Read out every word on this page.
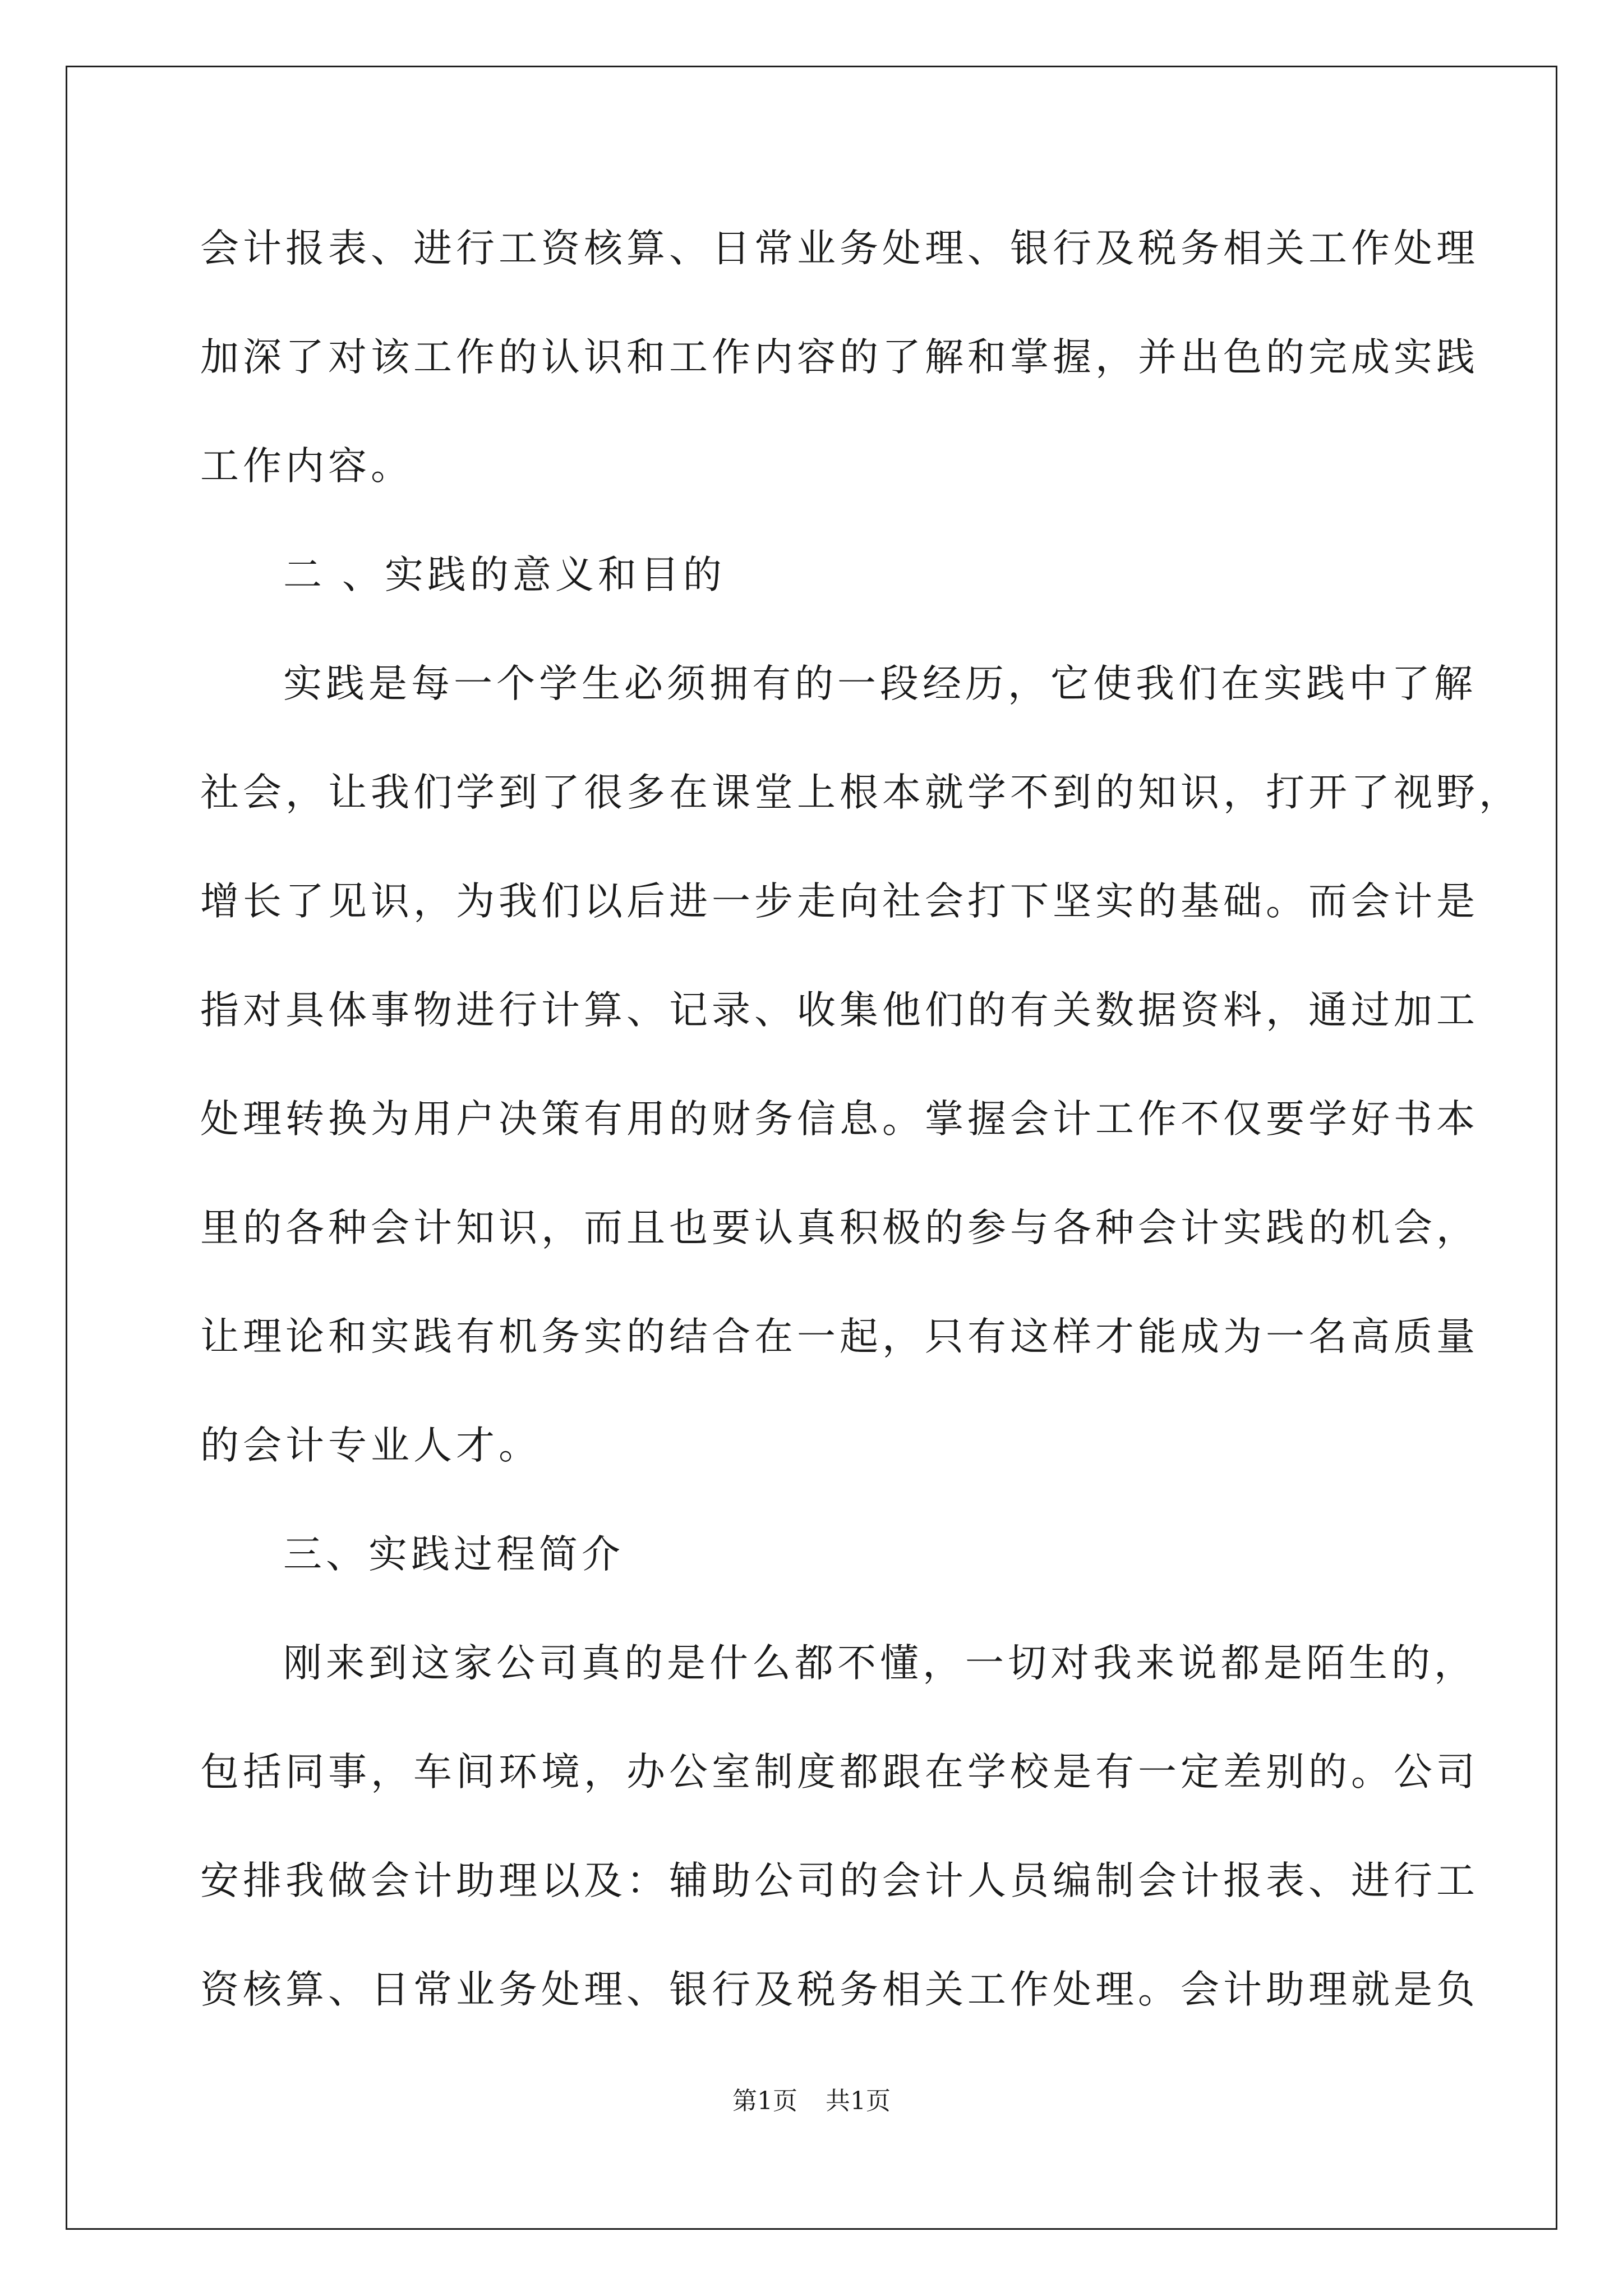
会计报表、进行工资核算、日常业务处理、银行及税务相关工作处理
加深了对该工作的认识和工作内容的了解和掌握，并出色的完成实践
工作内容。
二 、实践的意义和目的
实践是每一个学生必须拥有的一段经历，它使我们在实践中了解
社会，让我们学到了很多在课堂上根本就学不到的知识，打开了视野，
增长了见识，为我们以后进一步走向社会打下坚实的基础。而会计是
指对具体事物进行计算、记录、收集他们的有关数据资料，通过加工
处理转换为用户决策有用的财务信息。掌握会计工作不仅要学好书本
里的各种会计知识，而且也要认真积极的参与各种会计实践的机会，
让理论和实践有机务实的结合在一起，只有这样才能成为一名高质量
的会计专业人才。
三、实践过程简介
刚来到这家公司真的是什么都不懂，一切对我来说都是陌生的，
包括同事，车间环境，办公室制度都跟在学校是有一定差别的。公司
安排我做会计助理以及：辅助公司的会计人员编制会计报表、进行工
资核算、日常业务处理、银行及税务相关工作处理。会计助理就是负
第1页 共1页
